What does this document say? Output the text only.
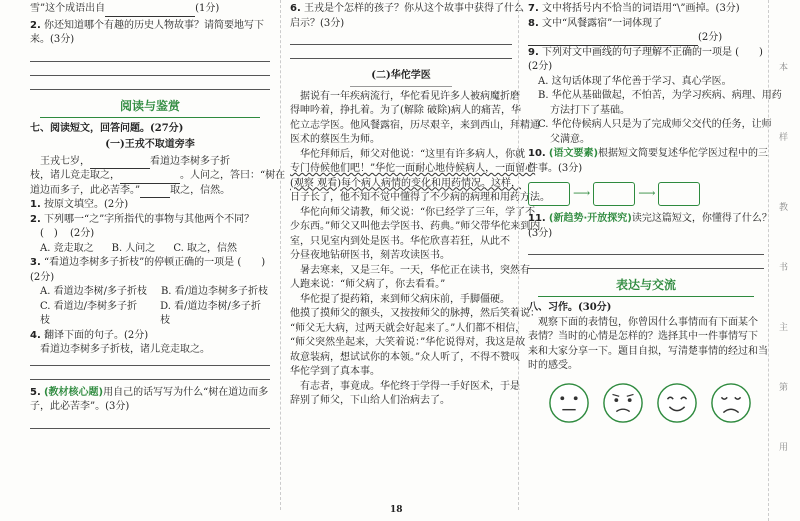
雪”这个成语出自	(1分)

2. 你还知道哪个有趣的历史人物故事？请简要地写下

来。(3分)

阅读与鉴赏

七、阅读短文，回答问题。(27分)

(一)王戎不取道旁李

王戎七岁，	看道边李树多子折

枝，诸儿竞走取之，	。人问之，答曰：“树在

道边而多子，此必苦李。”	取之，信然。

1. 按原文填空。(2分)

2. 下列哪一“之”字所指代的事物与其他两个不同？

(　) (2分)

A. 竞走取之 B. 人问之 C. 取之，信然

3. “看道边李树多子折枝”的停顿正确的一项是 (　　)

(2分)

A. 看道边李树/多子折枝 B. 看/道边李树多子折枝
C. 看道边/李树多子折枝
D. 看/道边李树/多子折枝

4. 翻译下面的句子。(2分)

看道边李树多子折枝，诸儿竞走取之。

5. (教材核心题)用自己的话写写为什么“树在道边而多

子，此必苦李”。(3分)

6. 王戎是个怎样的孩子？你从这个故事中获得了什么

启示？(3分)

(二)华佗学医

据说有一年疾病流行，华佗看见许多人被病魔折磨

得呻吟着，挣扎着。为了(解除 破除)病人的痛苦，华

佗立志学医。他风餐露宿，历尽艰辛，来到西山，拜精通

医术的蔡医生为师。

华佗拜师后，师父对他说：“这里有许多病人，你就

专门侍候他们吧！”华佗一面耐心地侍候病人，一面留心

(观察 观看)每个病人病情的变化和用药情况。这样，

日子长了，他不知不觉中懂得了不少病的病理和用药方法。

华佗向师父请教，师父说：“你已经学了三年，学了不

少东西。”师父又叫他去学医书、药典。”师父带华佗来到内

室，只见室内到处是医书。华佗欣喜若狂，从此不

分昼夜地钻研医书，刻苦攻读医书。

暑去寒来，又是三年。一天，华佗正在读书，突然有

人跑来说：“师父病了，你去看看。”

华佗提了提药箱，来到师父病床前，手脚僵硬。

他摸了摸师父的额头，又按按师父的脉搏，然后笑着说：

“师父无大病，过两天就会好起来了。”人们都不相信，

“师父突然坐起来，大笑着说：”华佗说得对，我这是故

故意装病，想试试你的本领。”众人听了，不得不赞叹

华佗学到了真本事。

有志者，事竟成。华佗终于学得一手好医术，于是

辞别了师父，下山给人们治病去了。

7. 文中将括号内不恰当的词语用“\”画掉。(3分)

8. 文中“风餐露宿”一词体现了

(2分)

9. 下列对文中画线的句子理解不正确的一项是 (　　)

(2分)

A. 这句话体现了华佗善于学习、真心学医。

B. 华佗从基础做起，不怕苦，为学习疾病、病理、用药

方法打下了基础。

C. 华佗侍候病人只是为了完成师父交代的任务，让师

父满意。

10. (语文要素)根据短文简要复述华佗学医过程中的三

件事。(3分)

⟶	⟶

11. (新趋势·开放探究)读完这篇短文，你懂得了什么？

(3分)

表达与交流

八、习作。(30分)

观察下面的表情包，你曾因什么事情而有下面某个

表情？当时的心情是怎样的？选择其中一件事情写下

来和大家分享一下。题目自拟，写清楚事情的经过和当

时的感受。

18
本
样
教
书
主
第
用
